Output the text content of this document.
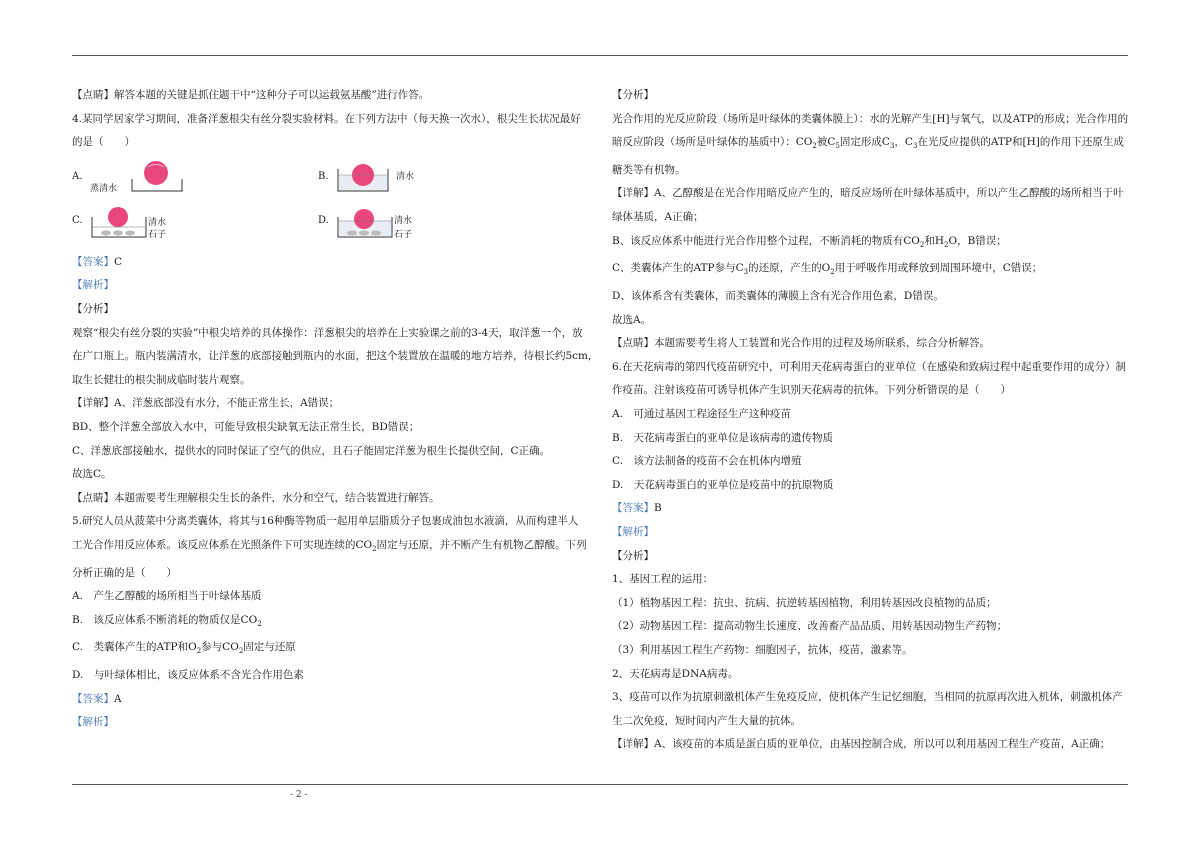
【点睛】解答本题的关键是抓住题干中“这种分子可以运载氨基酸”进行作答。

4.某同学居家学习期间，准备洋葱根尖有丝分裂实验材料。在下列方法中（每天换一次水），根尖生长状况最好

的是（　　）

A.
蒸清水
B.	清水
C.	清水
石子
D.	清水
石子

【答案】C

【解析】

【分析】

观察“根尖有丝分裂的实验”中根尖培养的具体操作：洋葱根尖的培养在上实验课之前的3-4天，取洋葱一个，放

在广口瓶上。瓶内装满清水，让洋葱的底部接触到瓶内的水面，把这个装置放在温暖的地方培养，待根长约5cm,

取生长健壮的根尖制成临时装片观察。

【详解】A、洋葱底部没有水分，不能正常生长，A错误；

BD、整个洋葱全部放入水中，可能导致根尖缺氧无法正常生长，BD错误；

C、洋葱底部接触水，提供水的同时保证了空气的供应，且石子能固定洋葱为根生长提供空间，C正确。

故选C。

【点睛】本题需要考生理解根尖生长的条件，水分和空气，结合装置进行解答。

5.研究人员从菠菜中分离类囊体，将其与16种酶等物质一起用单层脂质分子包裹成油包水液滴，从而构建半人

工光合作用反应体系。该反应体系在光照条件下可实现连续的$CO_2$固定与还原，并不断产生有机物乙醇酸。下列

分析正确的是（　　）

A.　产生乙醇酸的场所相当于叶绿体基质

B.　该反应体系不断消耗的物质仅是$CO_2$

C.　类囊体产生的ATP和$O_2$参与$CO_2$固定与还原

D.　与叶绿体相比，该反应体系不含光合作用色素

【答案】A

【解析】

【分析】

光合作用的光反应阶段（场所是叶绿体的类囊体膜上）：水的光解产生[H]与氧气，以及ATP的形成；光合作用的

暗反应阶段（场所是叶绿体的基质中）：$CO_2$被$C_5$固定形成$C_3$，$C_3$在光反应提供的ATP和[H]的作用下还原生成

糖类等有机物。

【详解】A、乙醇酸是在光合作用暗反应产生的，暗反应场所在叶绿体基质中，所以产生乙醇酸的场所相当于叶

绿体基质，A正确；

B、该反应体系中能进行光合作用整个过程，不断消耗的物质有$CO_2$和$H_2O$，B错误；

C、类囊体产生的ATP参与$C_3$的还原，产生的$O_2$用于呼吸作用或释放到周围环境中，C错误；

D、该体系含有类囊体，而类囊体的薄膜上含有光合作用色素，D错误。

故选A。

【点睛】本题需要考生将人工装置和光合作用的过程及场所联系，综合分析解答。

6.在天花病毒的第四代疫苗研究中，可利用天花病毒蛋白的亚单位（在感染和致病过程中起重要作用的成分）制

作疫苗。注射该疫苗可诱导机体产生识别天花病毒的抗体。下列分析错误的是（　　）

A.　可通过基因工程途径生产这种疫苗

B.　天花病毒蛋白的亚单位是该病毒的遗传物质

C.　该方法制备的疫苗不会在机体内增殖

D.　天花病毒蛋白的亚单位是疫苗中的抗原物质

【答案】B

【解析】

【分析】

1、基因工程的运用：

（1）植物基因工程：抗虫、抗病、抗逆转基因植物，利用转基因改良植物的品质；

（2）动物基因工程：提高动物生长速度、改善畜产品品质、用转基因动物生产药物；

（3）利用基因工程生产药物：细胞因子，抗体，疫苗，激素等。

2、天花病毒是DNA病毒。

3、疫苗可以作为抗原刺激机体产生免疫反应，使机体产生记忆细胞，当相同的抗原再次进入机体，刺激机体产

生二次免疫，短时间内产生大量的抗体。

【详解】A、该疫苗的本质是蛋白质的亚单位，由基因控制合成，所以可以利用基因工程生产疫苗，A正确；

- 2 -
